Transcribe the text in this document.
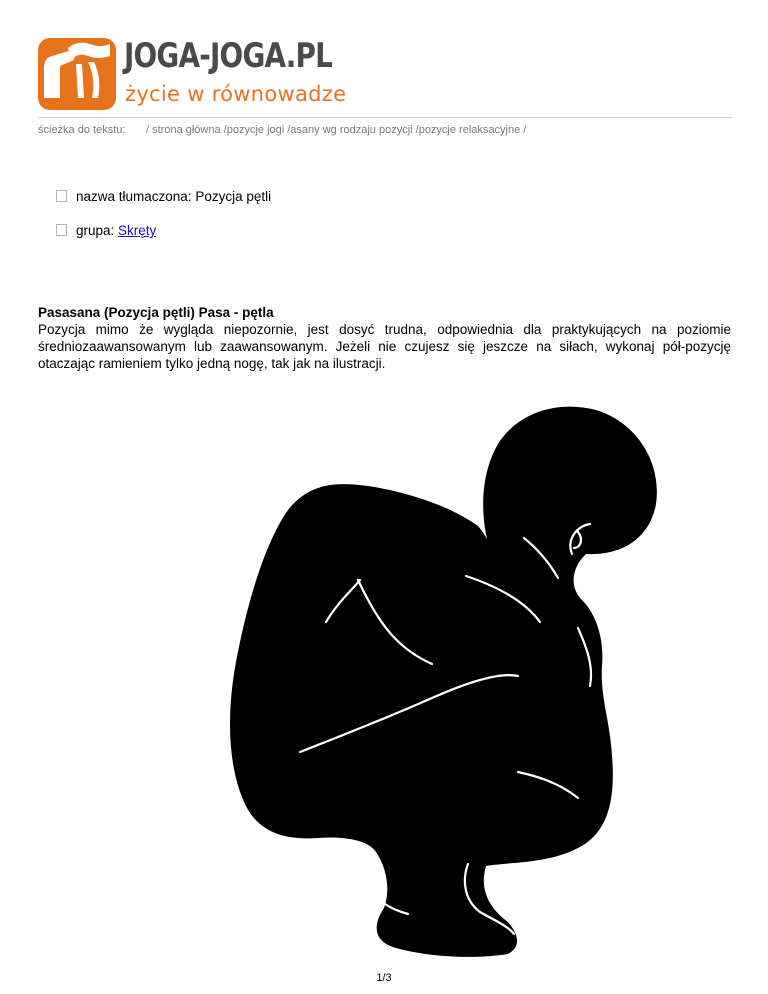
JOGA-JOGA.PL
życie w równowadze
ścieżka do tekstu: / strona główna /pozycje jogi /asany wg rodzaju pozycji /pozycje relaksacyjne /
nazwa tłumaczona: Pozycja pętli
grupa: Skręty
Pasasana (Pozycja pętli) Pasa - pętla

Pozycja mimo że wygląda niepozornie, jest dosyć trudna, odpowiednia dla praktykujących na poziomie średniozaawansowanym lub zaawansowanym. Jeżeli nie czujesz się jeszcze na siłach, wykonaj pół-pozycję otaczając ramieniem tylko jedną nogę, tak jak na ilustracji.

1/3
